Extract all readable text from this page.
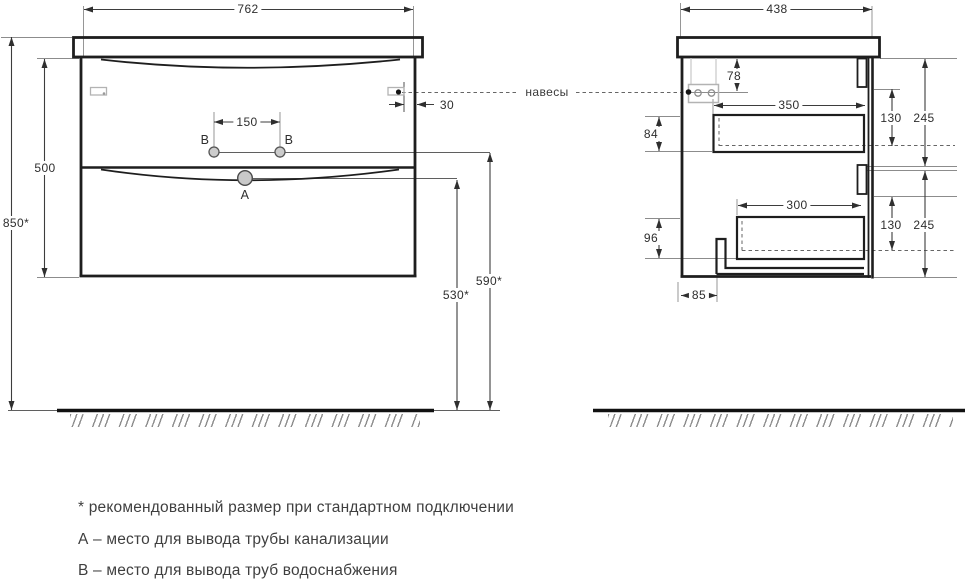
762
850*
500
150
30
530*
590*
В	В
А
навесы
438
78
350
84
130 245
300
96
130 245
85
* рекомендованный размер при стандартном подключении
А – место для вывода трубы канализации
В – место для вывода труб водоснабжения
